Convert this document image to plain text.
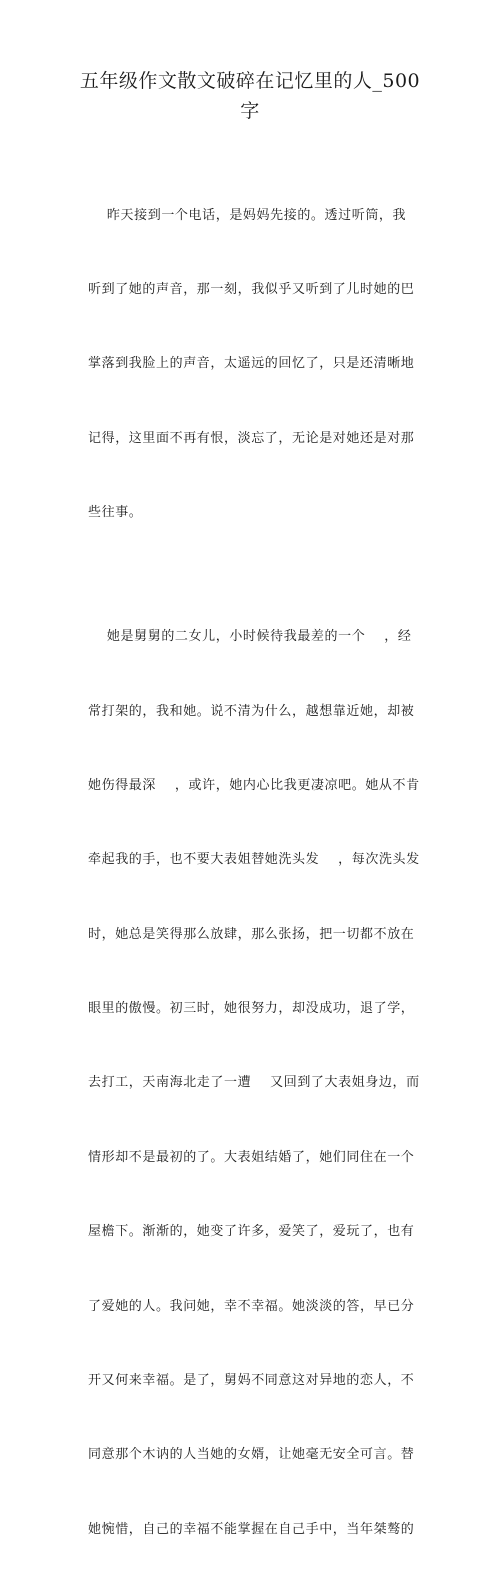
五年级作文散文破碎在记忆里的人_500
字

昨天接到一个电话，是妈妈先接的。透过听筒，我

听到了她的声音，那一刻，我似乎又听到了儿时她的巴

掌落到我脸上的声音，太遥远的回忆了，只是还清晰地

记得，这里面不再有恨，淡忘了，无论是对她还是对那

些往事。

她是舅舅的二女儿，小时候待我最差的一个    ，经

常打架的，我和她。说不清为什么，越想靠近她，却被

她伤得最深    ，或许，她内心比我更凄凉吧。她从不肯

牵起我的手，也不要大表姐替她洗头发    ，每次洗头发

时，她总是笑得那么放肆，那么张扬，把一切都不放在

眼里的傲慢。初三时，她很努力，却没成功，退了学，

去打工，天南海北走了一遭    又回到了大表姐身边，而

情形却不是最初的了。大表姐结婚了，她们同住在一个

屋檐下。渐渐的，她变了许多，爱笑了，爱玩了，也有

了爱她的人。我问她，幸不幸福。她淡淡的答，早已分

开又何来幸福。是了，舅妈不同意这对异地的恋人，不

同意那个木讷的人当她的女婿，让她毫无安全可言。替

她惋惜，自己的幸福不能掌握在自己手中，当年桀骜的
